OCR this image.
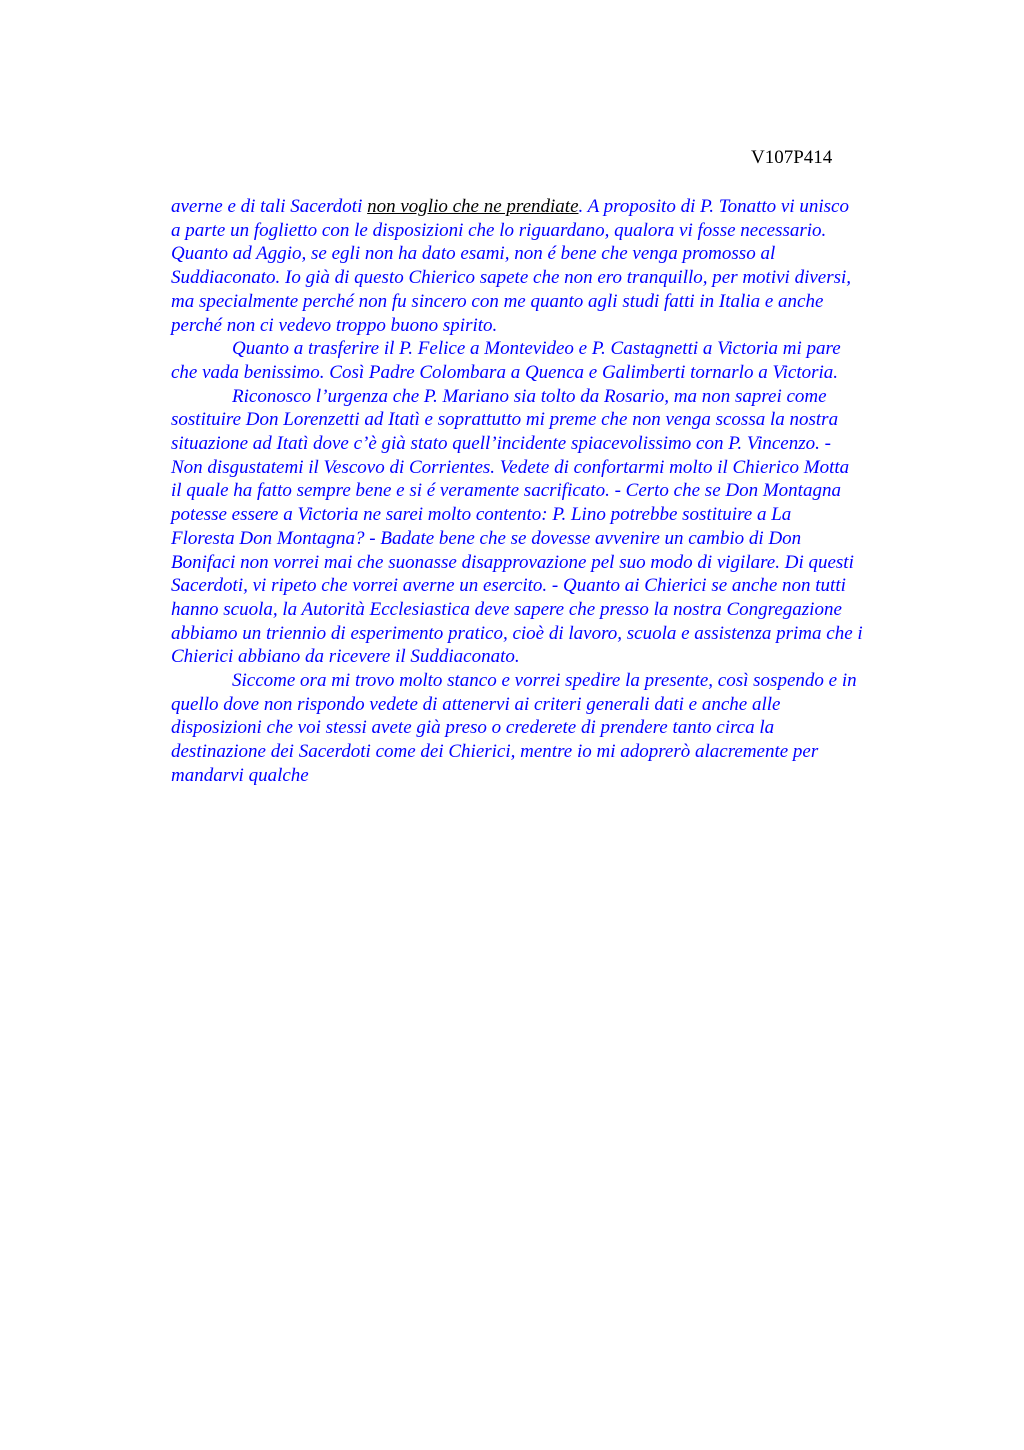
V107P414
averne e di tali Sacerdoti non voglio che ne prendiate. A proposito di P. Tonatto vi unisco
a parte un foglietto con le disposizioni che lo riguardano, qualora vi fosse necessario.
Quanto ad Aggio, se egli non ha dato esami, non é bene che venga promosso al
Suddiaconato. Io già di questo Chierico sapete che non ero tranquillo, per motivi diversi,
ma specialmente perché non fu sincero con me quanto agli studi fatti in Italia e anche
perché non ci vedevo troppo buono spirito.
Quanto a trasferire il P. Felice a Montevideo e P. Castagnetti a Victoria mi pare
che vada benissimo. Così Padre Colombara a Quenca e Galimberti tornarlo a Victoria.
Riconosco l’urgenza che P. Mariano sia tolto da Rosario, ma non saprei come
sostituire Don Lorenzetti ad Itatì e soprattutto mi preme che non venga scossa la nostra
situazione ad Itatì dove c’è già stato quell’incidente spiacevolissimo con P. Vincenzo. -
Non disgustatemi il Vescovo di Corrientes. Vedete di confortarmi molto il Chierico Motta
il quale ha fatto sempre bene e si é veramente sacrificato. - Certo che se Don Montagna
potesse essere a Victoria ne sarei molto contento: P. Lino potrebbe sostituire a La
Floresta Don Montagna? - Badate bene che se dovesse avvenire un cambio di Don
Bonifaci non vorrei mai che suonasse disapprovazione pel suo modo di vigilare. Di questi
Sacerdoti, vi ripeto che vorrei averne un esercito. - Quanto ai Chierici se anche non tutti
hanno scuola, la Autorità Ecclesiastica deve sapere che presso la nostra Congregazione
abbiamo un triennio di esperimento pratico, cioè di lavoro, scuola e assistenza prima che i
Chierici abbiano da ricevere il Suddiaconato.
Siccome ora mi trovo molto stanco e vorrei spedire la presente, così sospendo e in
quello dove non rispondo vedete di attenervi ai criteri generali dati e anche alle
disposizioni che voi stessi avete già preso o crederete di prendere tanto circa la
destinazione dei Sacerdoti come dei Chierici, mentre io mi adoprerò alacremente per
mandarvi qualche
